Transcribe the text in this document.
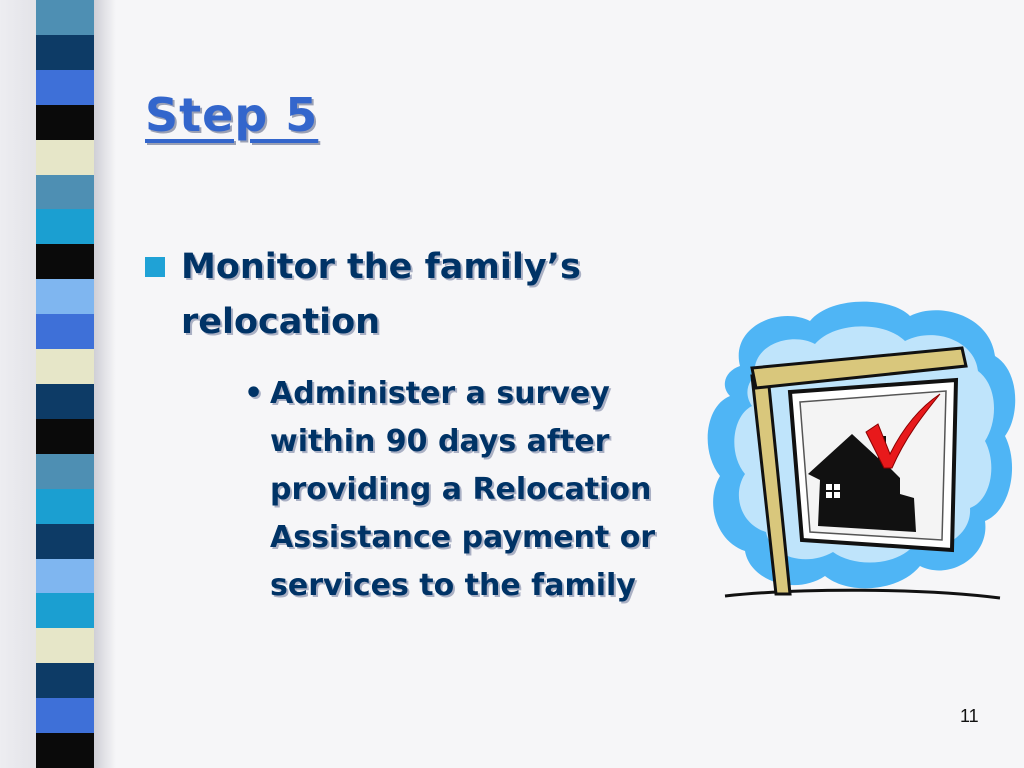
Step 5
Monitor the family’s relocation
• Administer a survey within 90 days after providing a Relocation Assistance payment or services to the family
11
